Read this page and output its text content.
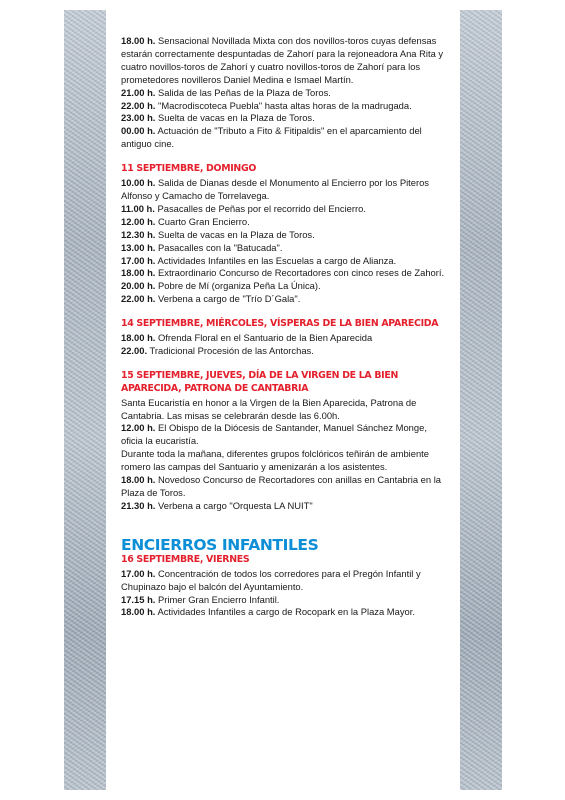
18.00 h. Sensacional Novillada Mixta con dos novillos-toros cuyas defensas estarán correctamente despuntadas de Zahorí para la rejoneadora Ana Rita y cuatro novillos-toros de Zahorí y cuatro novillos-toros de Zahorí para los prometedores novilleros Daniel Medina e Ismael Martín.

21.00 h. Salida de las Peñas de la Plaza de Toros.

22.00 h. "Macrodiscoteca Puebla" hasta altas horas de la madrugada.

23.00 h. Suelta de vacas en la Plaza de Toros.

00.00 h. Actuación de "Tributo a Fito & Fitipaldis" en el aparcamiento del antiguo cine.

11 SEPTIEMBRE, DOMINGO

10.00 h. Salida de Dianas desde el Monumento al Encierro por los Piteros Alfonso y Camacho de Torrelavega.

11.00 h. Pasacalles de Peñas por el recorrido del Encierro.

12.00 h. Cuarto Gran Encierro.

12.30 h. Suelta de vacas en la Plaza de Toros.

13.00 h. Pasacalles con la "Batucada".

17.00 h. Actividades Infantiles en las Escuelas a cargo de Alianza.

18.00 h. Extraordinario Concurso de Recortadores con cinco reses de Zahorí.

20.00 h. Pobre de Mí (organiza Peña La Única).

22.00 h. Verbena a cargo de "Trío D´Gala".

14 SEPTIEMBRE, MIÉRCOLES, VÍSPERAS DE LA BIEN APARECIDA

18.00 h. Ofrenda Floral en el Santuario de la Bien Aparecida

22.00. Tradicional Procesión de las Antorchas.

15 SEPTIEMBRE, JUEVES, DÍA DE LA VIRGEN DE LA BIEN APARECIDA, PATRONA DE CANTABRIA

Santa Eucaristía en honor a la Virgen de la Bien Aparecida, Patrona de Cantabria. Las misas se celebrarán desde las 6.00h.

12.00 h. El Obispo de la Diócesis de Santander, Manuel Sánchez Monge, oficia la eucaristía.

Durante toda la mañana, diferentes grupos folclóricos teñirán de ambiente romero las campas del Santuario y amenizarán a los asistentes.

18.00 h. Novedoso Concurso de Recortadores con anillas en Cantabria en la Plaza de Toros.

21.30 h. Verbena a cargo "Orquesta LA NUIT"

ENCIERROS INFANTILES
16 SEPTIEMBRE, VIERNES

17.00 h. Concentración de todos los corredores para el Pregón Infantil y Chupinazo bajo el balcón del Ayuntamiento.

17.15 h. Primer Gran Encierro Infantil.

18.00 h. Actividades Infantiles a cargo de Rocopark en la Plaza Mayor.
